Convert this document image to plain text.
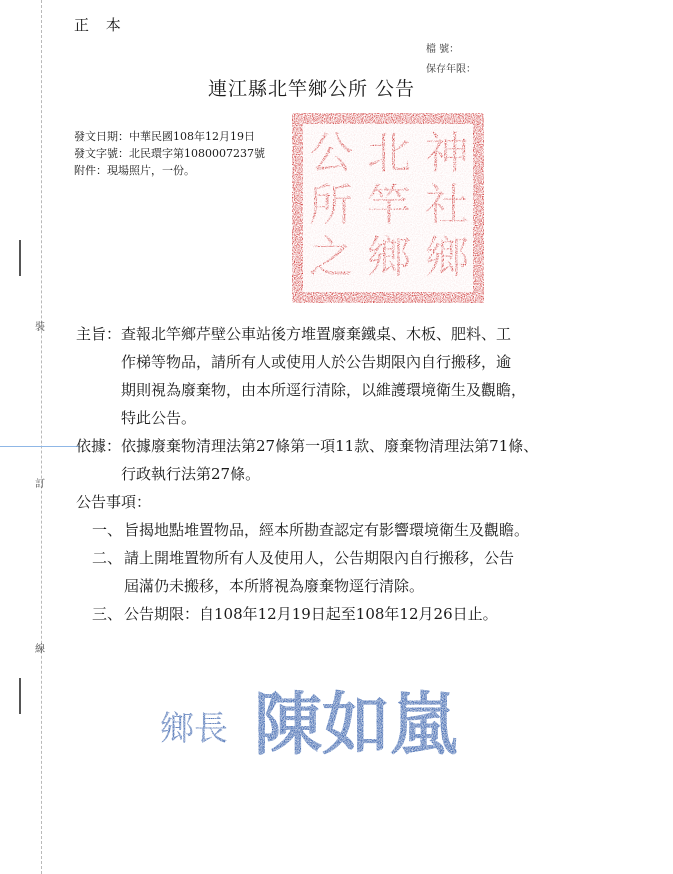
裝
訂
線
正 本
檔 號：
保存年限：
連江縣北竿鄉公所 公告
發文日期：中華民國108年12月19日
發文字號：北民環字第1080007237號
附件：現場照片，一份。	神社鄉
北竿鄉
公所之
主旨： 查報北竿鄉芹壁公車站後方堆置廢棄鐵桌、木板、肥料、工
作梯等物品，請所有人或使用人於公告期限內自行搬移，逾
期則視為廢棄物，由本所逕行清除，以維護環境衛生及觀瞻，
特此公告。
依據： 依據廢棄物清理法第27條第一項11款、廢棄物清理法第71條、
行政執行法第27條。
公告事項：
一、 旨揭地點堆置物品，經本所勘查認定有影響環境衛生及觀瞻。
二、 請上開堆置物所有人及使用人，公告期限內自行搬移，公告
屆滿仍未搬移，本所將視為廢棄物逕行清除。
三、 公告期限：自108年12月19日起至108年12月26日止。
鄉長 陳如嵐
